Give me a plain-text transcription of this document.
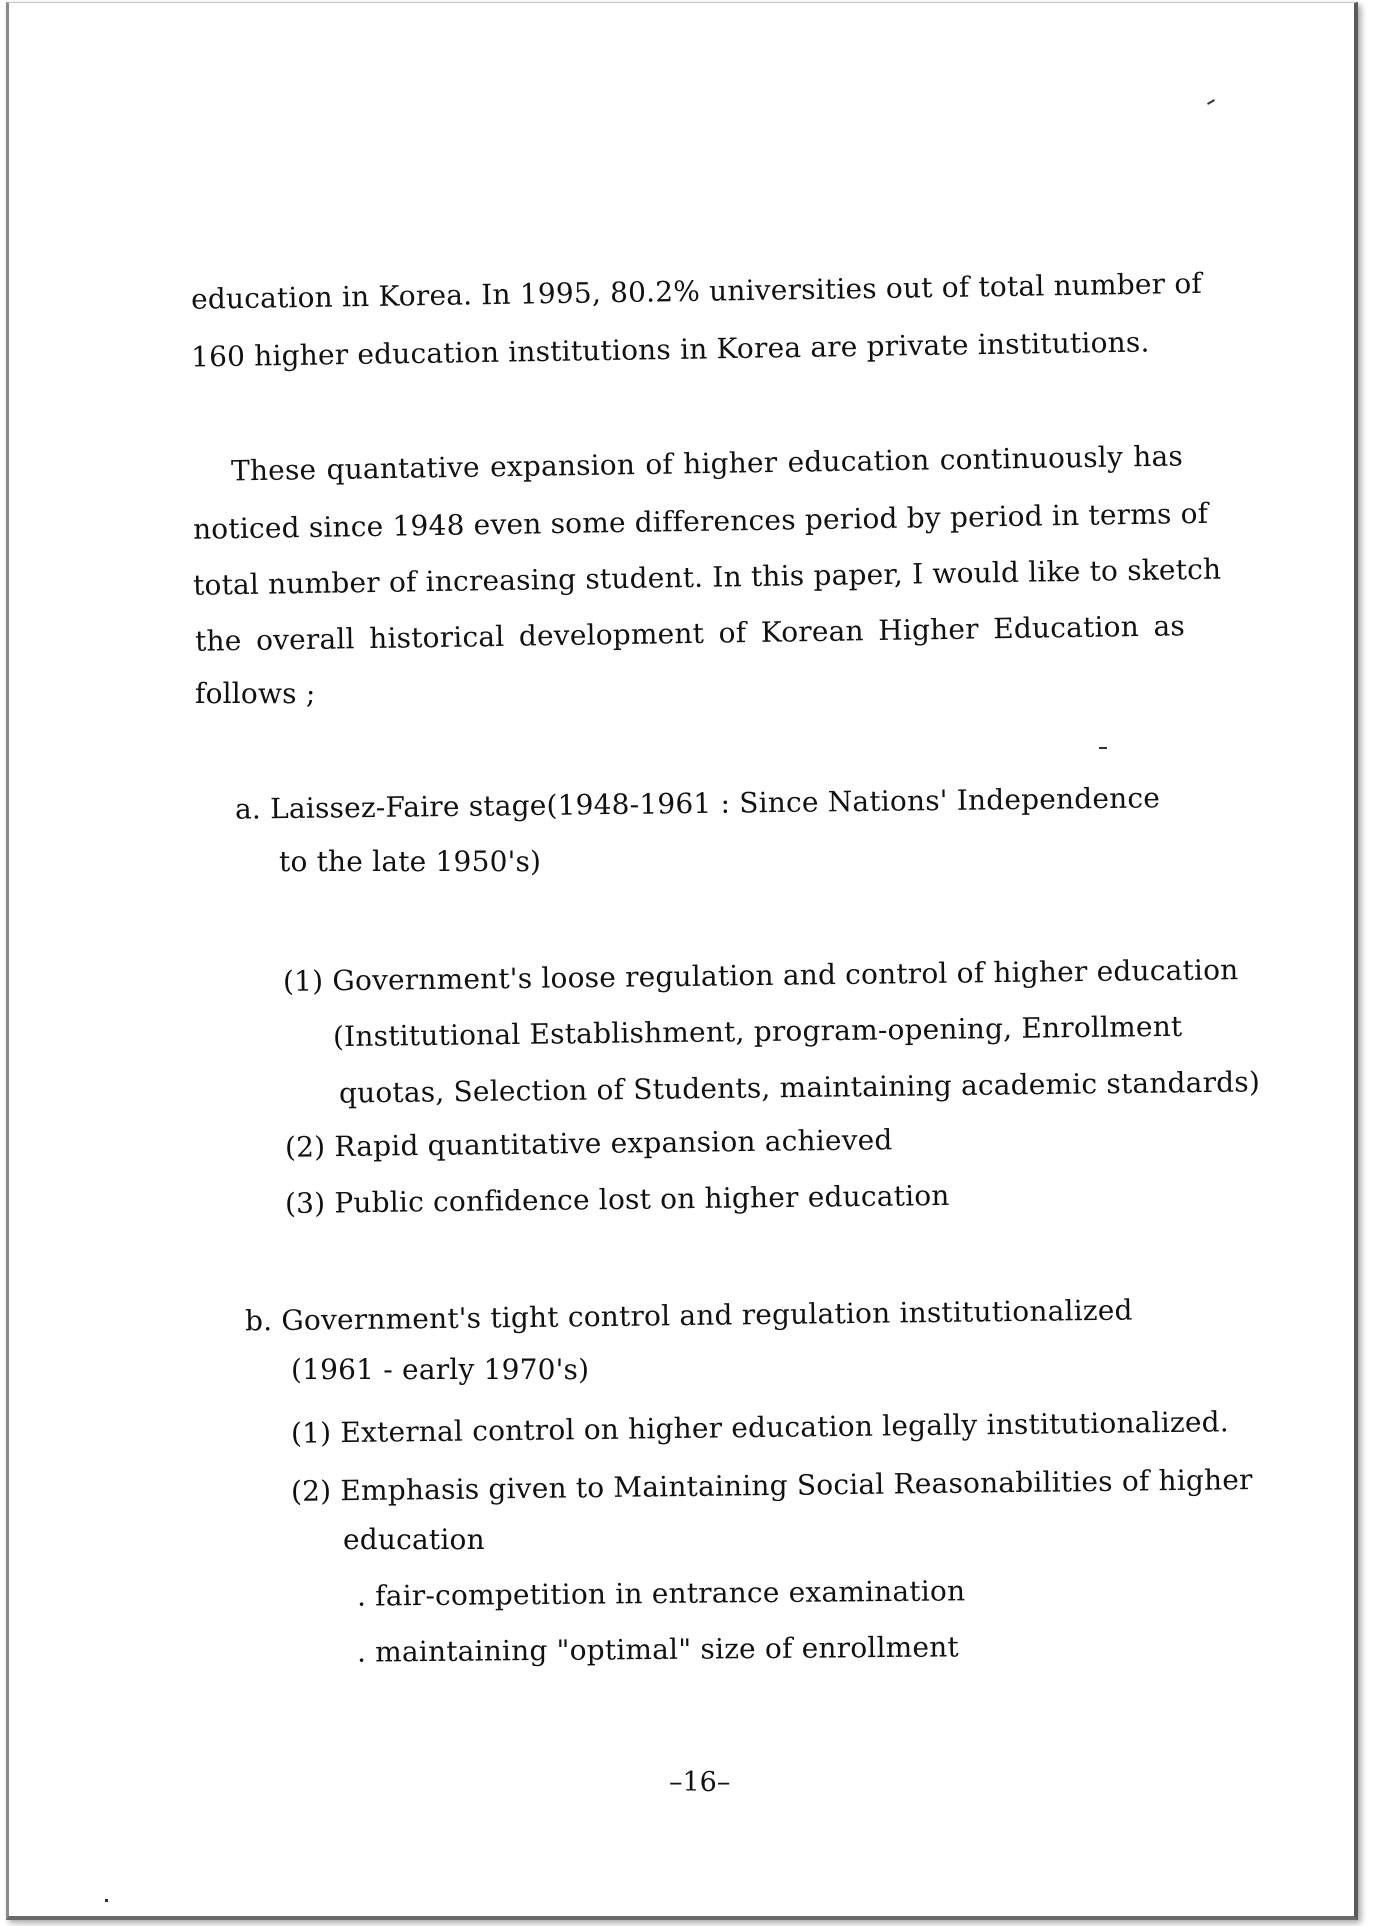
education in Korea. In 1995, 80.2% universities out of total number of
160 higher education institutions in Korea are private institutions.
These quantative expansion of higher education continuously has
noticed since 1948 even some differences period by period in terms of
total number of increasing student. In this paper, I would like to sketch
the overall historical development of Korean Higher Education as
follows ;
a. Laissez-Faire stage(1948-1961 : Since Nations' Independence
to the late 1950's)
(1) Government's loose regulation and control of higher education
(Institutional Establishment, program-opening, Enrollment
quotas, Selection of Students, maintaining academic standards)
(2) Rapid quantitative expansion achieved
(3) Public confidence lost on higher education
b. Government's tight control and regulation institutionalized
(1961 - early 1970's)
(1) External control on higher education legally institutionalized.
(2) Emphasis given to Maintaining Social Reasonabilities of higher
education
. fair-competition in entrance examination
. maintaining "optimal" size of enrollment
–16–
